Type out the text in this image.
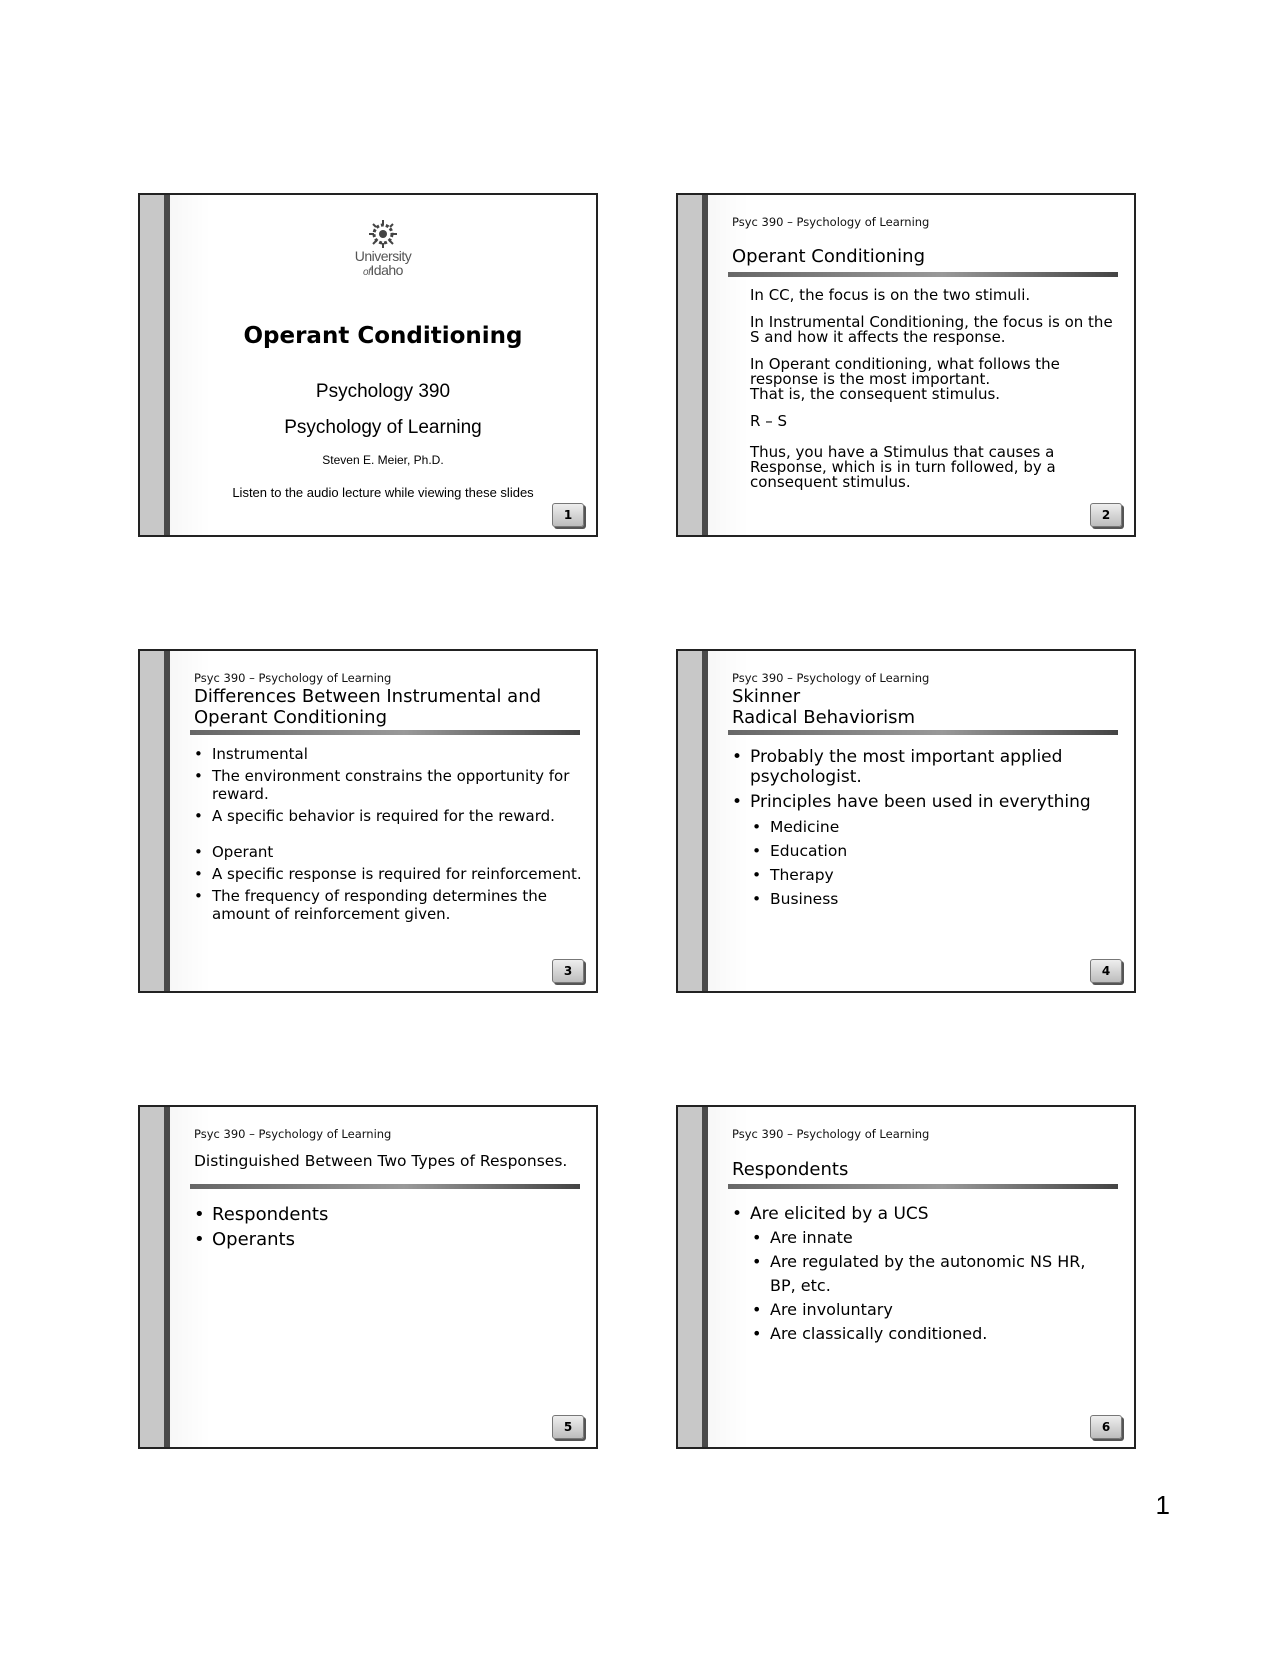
University
ofIdaho
Operant Conditioning
Psychology 390
Psychology of Learning
Steven E. Meier, Ph.D.
Listen to the audio lecture while viewing these slides
1
Psyc 390 – Psychology of Learning
Operant Conditioning

In CC, the focus is on the two stimuli.

In Instrumental Conditioning, the focus is on the S and how it affects the response.

In Operant conditioning, what follows the response is the most important.

That is, the consequent stimulus.

R – S

Thus, you have a Stimulus that causes a Response, which is in turn followed, by a consequent stimulus.

2
Psyc 390 – Psychology of Learning
Differences Between Instrumental and
Operant Conditioning
• Instrumental
• The environment constrains the opportunity for reward.
• A specific behavior is required for the reward.
• Operant
• A specific response is required for reinforcement.
• The frequency of responding determines the amount of reinforcement given.
3
Psyc 390 – Psychology of Learning
Skinner
Radical Behaviorism
• Probably the most important applied psychologist.
• Principles have been used in everything
• Medicine
• Education
• Therapy
• Business
4
Psyc 390 – Psychology of Learning
Distinguished Between Two Types of Responses.
• Respondents
• Operants
5
Psyc 390 – Psychology of Learning
Respondents
• Are elicited by a UCS
• Are innate
• Are regulated by the autonomic NS HR, BP, etc.
• Are involuntary
• Are classically conditioned.
6
1
